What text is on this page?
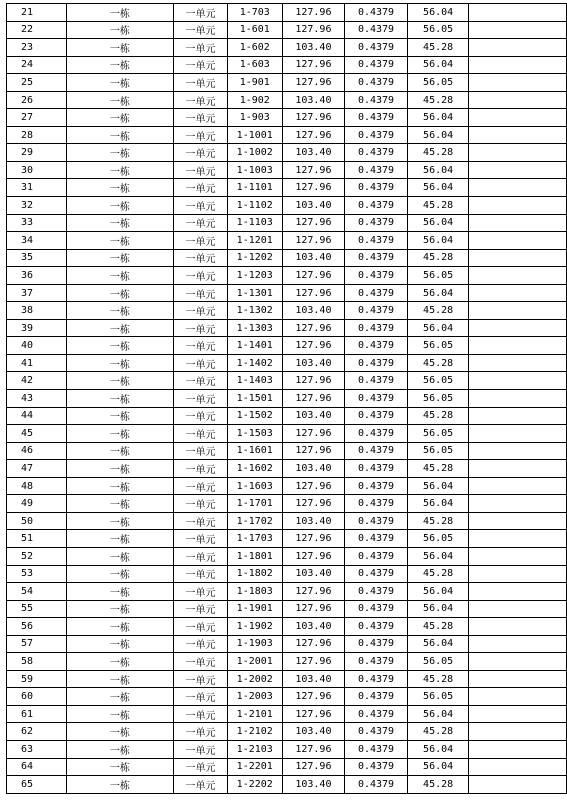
21	一栋	一单元	1-703	127.96	0.4379	56.04	
22	一栋	一单元	1-601	127.96	0.4379	56.05	
23	一栋	一单元	1-602	103.40	0.4379	45.28	
24	一栋	一单元	1-603	127.96	0.4379	56.04	
25	一栋	一单元	1-901	127.96	0.4379	56.05	
26	一栋	一单元	1-902	103.40	0.4379	45.28	
27	一栋	一单元	1-903	127.96	0.4379	56.04	
28	一栋	一单元	1-1001	127.96	0.4379	56.04	
29	一栋	一单元	1-1002	103.40	0.4379	45.28	
30	一栋	一单元	1-1003	127.96	0.4379	56.04	
31	一栋	一单元	1-1101	127.96	0.4379	56.04	
32	一栋	一单元	1-1102	103.40	0.4379	45.28	
33	一栋	一单元	1-1103	127.96	0.4379	56.04	
34	一栋	一单元	1-1201	127.96	0.4379	56.04	
35	一栋	一单元	1-1202	103.40	0.4379	45.28	
36	一栋	一单元	1-1203	127.96	0.4379	56.05	
37	一栋	一单元	1-1301	127.96	0.4379	56.04	
38	一栋	一单元	1-1302	103.40	0.4379	45.28	
39	一栋	一单元	1-1303	127.96	0.4379	56.04	
40	一栋	一单元	1-1401	127.96	0.4379	56.05	
41	一栋	一单元	1-1402	103.40	0.4379	45.28	
42	一栋	一单元	1-1403	127.96	0.4379	56.05	
43	一栋	一单元	1-1501	127.96	0.4379	56.05	
44	一栋	一单元	1-1502	103.40	0.4379	45.28	
45	一栋	一单元	1-1503	127.96	0.4379	56.05	
46	一栋	一单元	1-1601	127.96	0.4379	56.05	
47	一栋	一单元	1-1602	103.40	0.4379	45.28	
48	一栋	一单元	1-1603	127.96	0.4379	56.04	
49	一栋	一单元	1-1701	127.96	0.4379	56.04	
50	一栋	一单元	1-1702	103.40	0.4379	45.28	
51	一栋	一单元	1-1703	127.96	0.4379	56.05	
52	一栋	一单元	1-1801	127.96	0.4379	56.04	
53	一栋	一单元	1-1802	103.40	0.4379	45.28	
54	一栋	一单元	1-1803	127.96	0.4379	56.04	
55	一栋	一单元	1-1901	127.96	0.4379	56.04	
56	一栋	一单元	1-1902	103.40	0.4379	45.28	
57	一栋	一单元	1-1903	127.96	0.4379	56.04	
58	一栋	一单元	1-2001	127.96	0.4379	56.05	
59	一栋	一单元	1-2002	103.40	0.4379	45.28	
60	一栋	一单元	1-2003	127.96	0.4379	56.05	
61	一栋	一单元	1-2101	127.96	0.4379	56.04	
62	一栋	一单元	1-2102	103.40	0.4379	45.28	
63	一栋	一单元	1-2103	127.96	0.4379	56.04	
64	一栋	一单元	1-2201	127.96	0.4379	56.04	
65	一栋	一单元	1-2202	103.40	0.4379	45.28	
